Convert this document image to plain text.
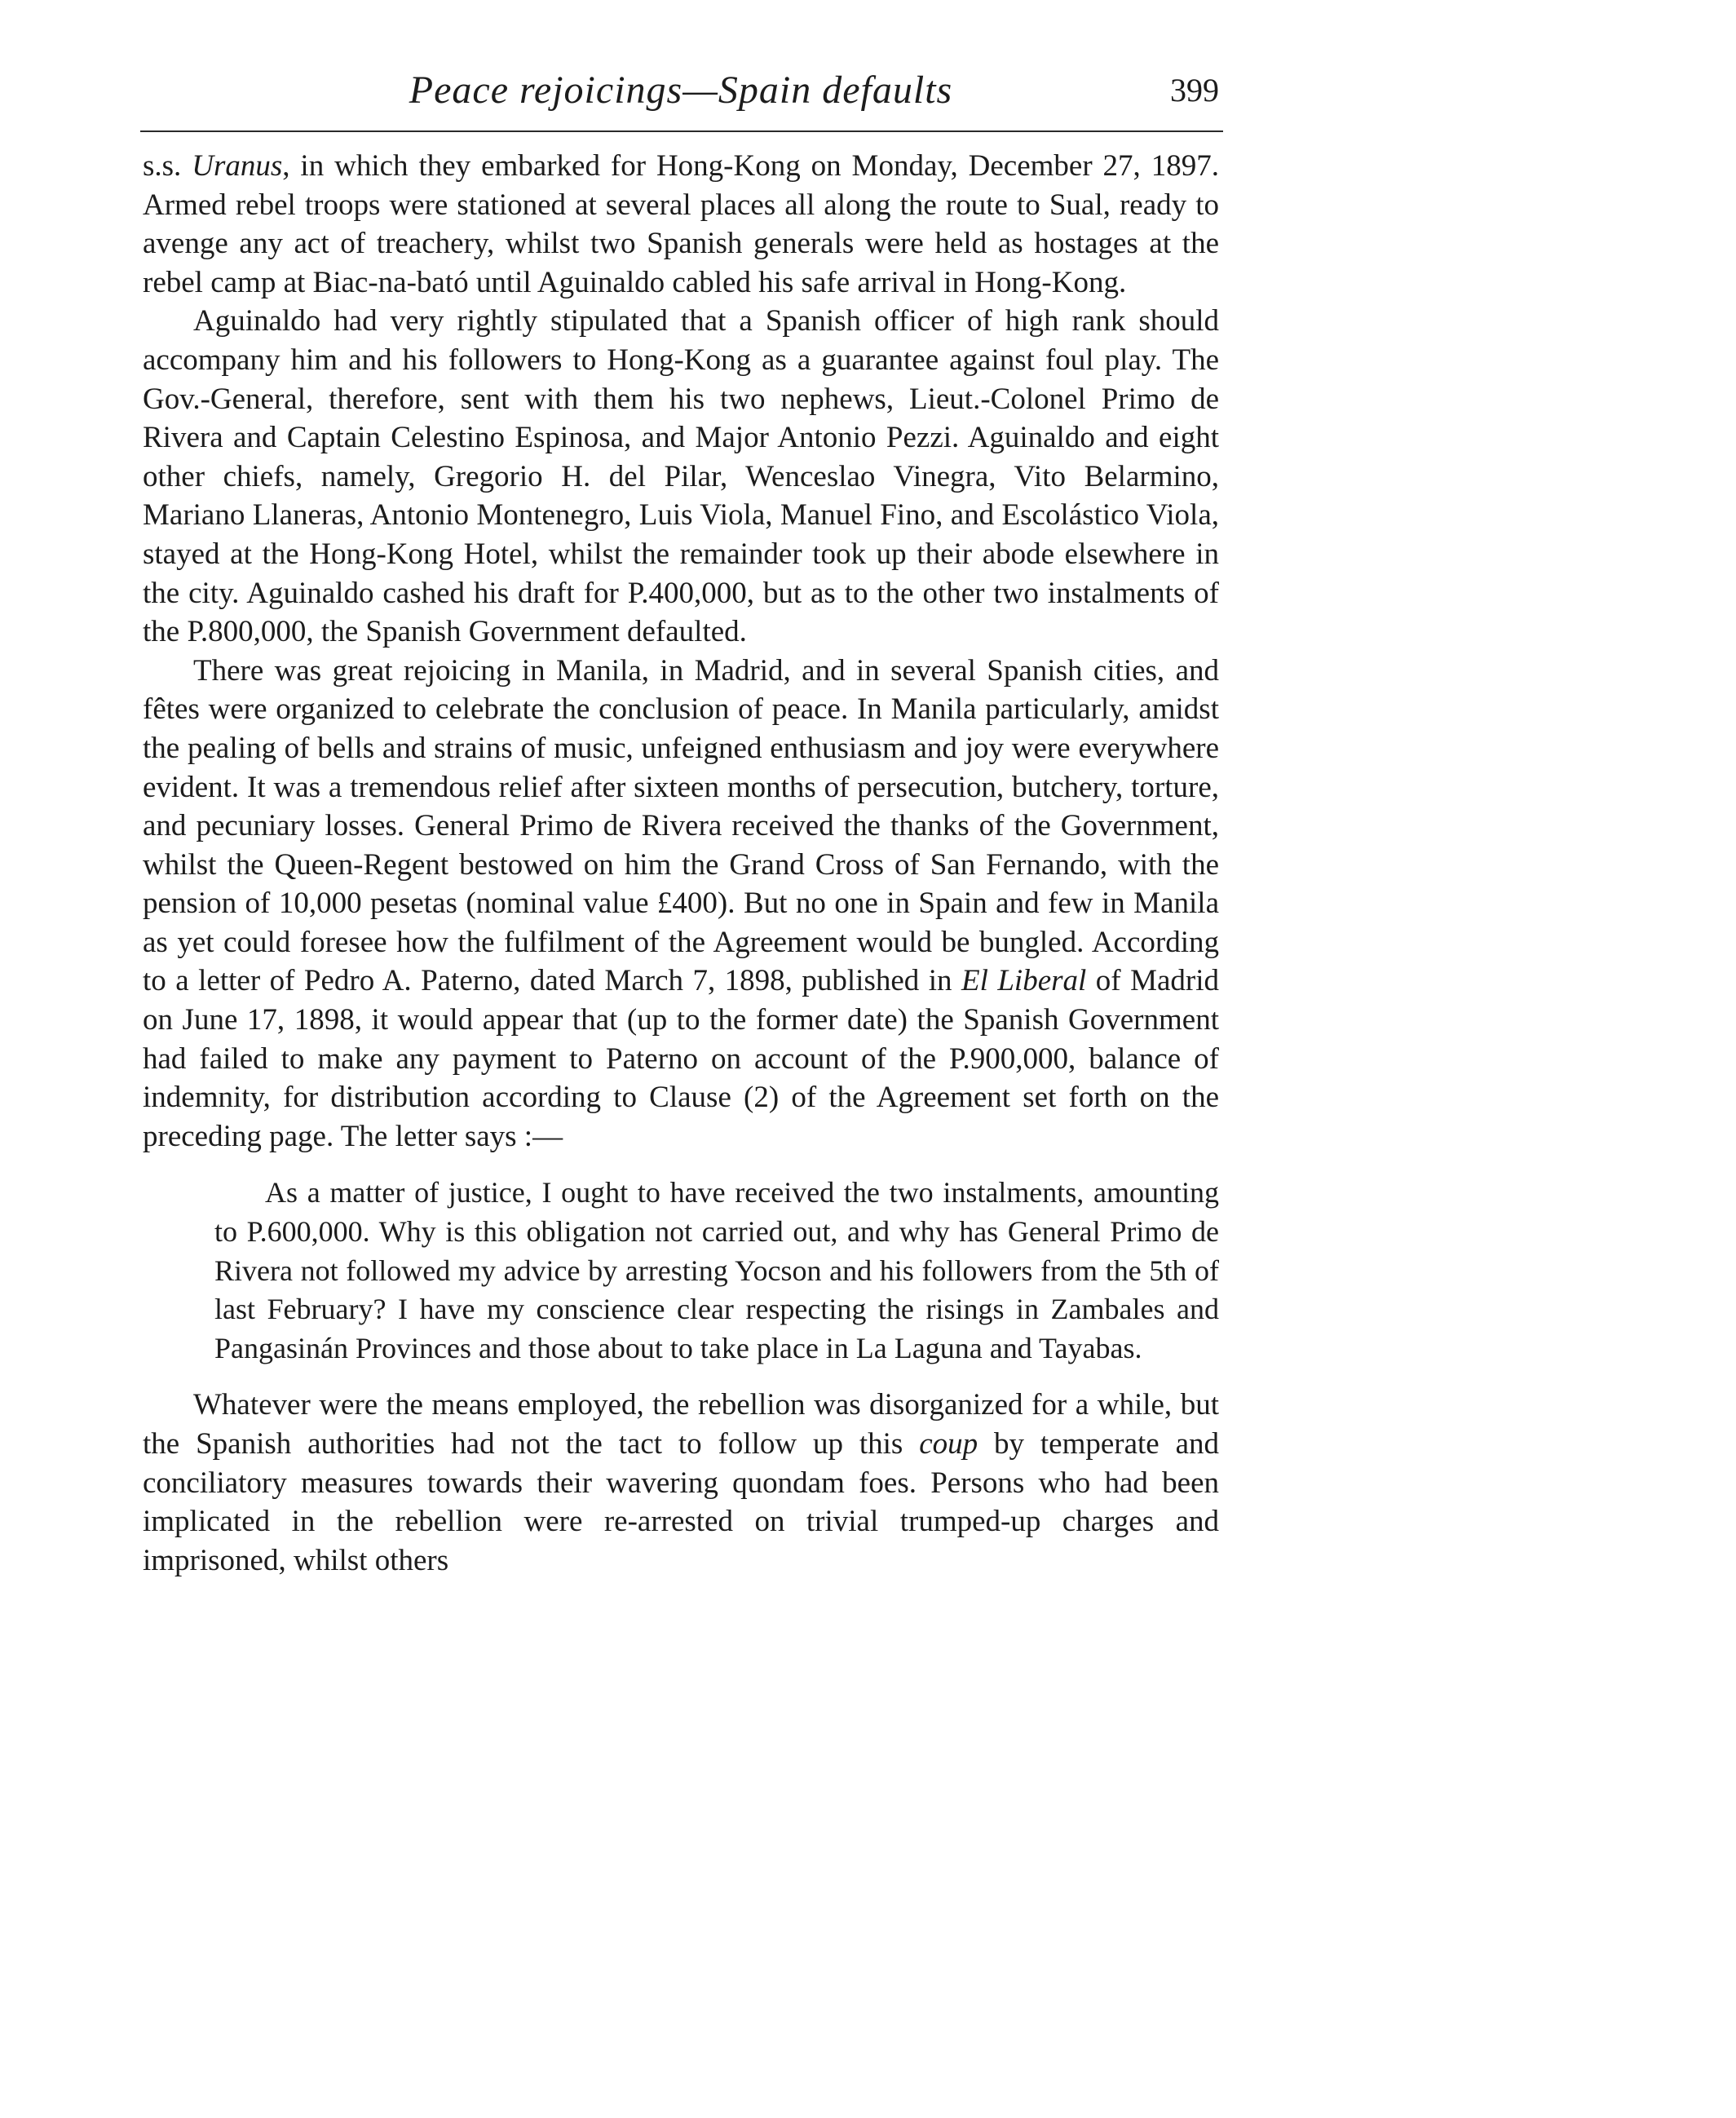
Peace rejoicings—Spain defaults	399

s.s. Uranus, in which they embarked for Hong-Kong on Monday, December 27, 1897. Armed rebel troops were stationed at several places all along the route to Sual, ready to avenge any act of treachery, whilst two Spanish generals were held as hostages at the rebel camp at Biac-na-bató until Aguinaldo cabled his safe arrival in Hong-Kong.

Aguinaldo had very rightly stipulated that a Spanish officer of high rank should accompany him and his followers to Hong-Kong as a guarantee against foul play. The Gov.-General, therefore, sent with them his two nephews, Lieut.-Colonel Primo de Rivera and Captain Celestino Espinosa, and Major Antonio Pezzi. Aguinaldo and eight other chiefs, namely, Gregorio H. del Pilar, Wenceslao Vinegra, Vito Belarmino, Mariano Llaneras, Antonio Montenegro, Luis Viola, Manuel Fino, and Escolástico Viola, stayed at the Hong-Kong Hotel, whilst the remainder took up their abode elsewhere in the city. Aguinaldo cashed his draft for P.400,000, but as to the other two instalments of the P.800,000, the Spanish Government defaulted.

There was great rejoicing in Manila, in Madrid, and in several Spanish cities, and fêtes were organized to celebrate the conclusion of peace. In Manila particularly, amidst the pealing of bells and strains of music, unfeigned enthusiasm and joy were everywhere evident. It was a tremendous relief after sixteen months of persecution, butchery, torture, and pecuniary losses. General Primo de Rivera received the thanks of the Government, whilst the Queen-Regent bestowed on him the Grand Cross of San Fernando, with the pension of 10,000 pesetas (nominal value £400). But no one in Spain and few in Manila as yet could foresee how the fulfilment of the Agreement would be bungled. According to a letter of Pedro A. Paterno, dated March 7, 1898, published in El Liberal of Madrid on June 17, 1898, it would appear that (up to the former date) the Spanish Government had failed to make any payment to Paterno on account of the P.900,000, balance of indemnity, for distribution according to Clause (2) of the Agreement set forth on the preceding page. The letter says :—

As a matter of justice, I ought to have received the two instalments, amounting to P.600,000. Why is this obligation not carried out, and why has General Primo de Rivera not followed my advice by arresting Yocson and his followers from the 5th of last February? I have my conscience clear respecting the risings in Zambales and Pangasinán Provinces and those about to take place in La Laguna and Tayabas.

Whatever were the means employed, the rebellion was disorganized for a while, but the Spanish authorities had not the tact to follow up this coup by temperate and conciliatory measures towards their wavering quondam foes. Persons who had been implicated in the rebellion were re-arrested on trivial trumped-up charges and imprisoned, whilst others
